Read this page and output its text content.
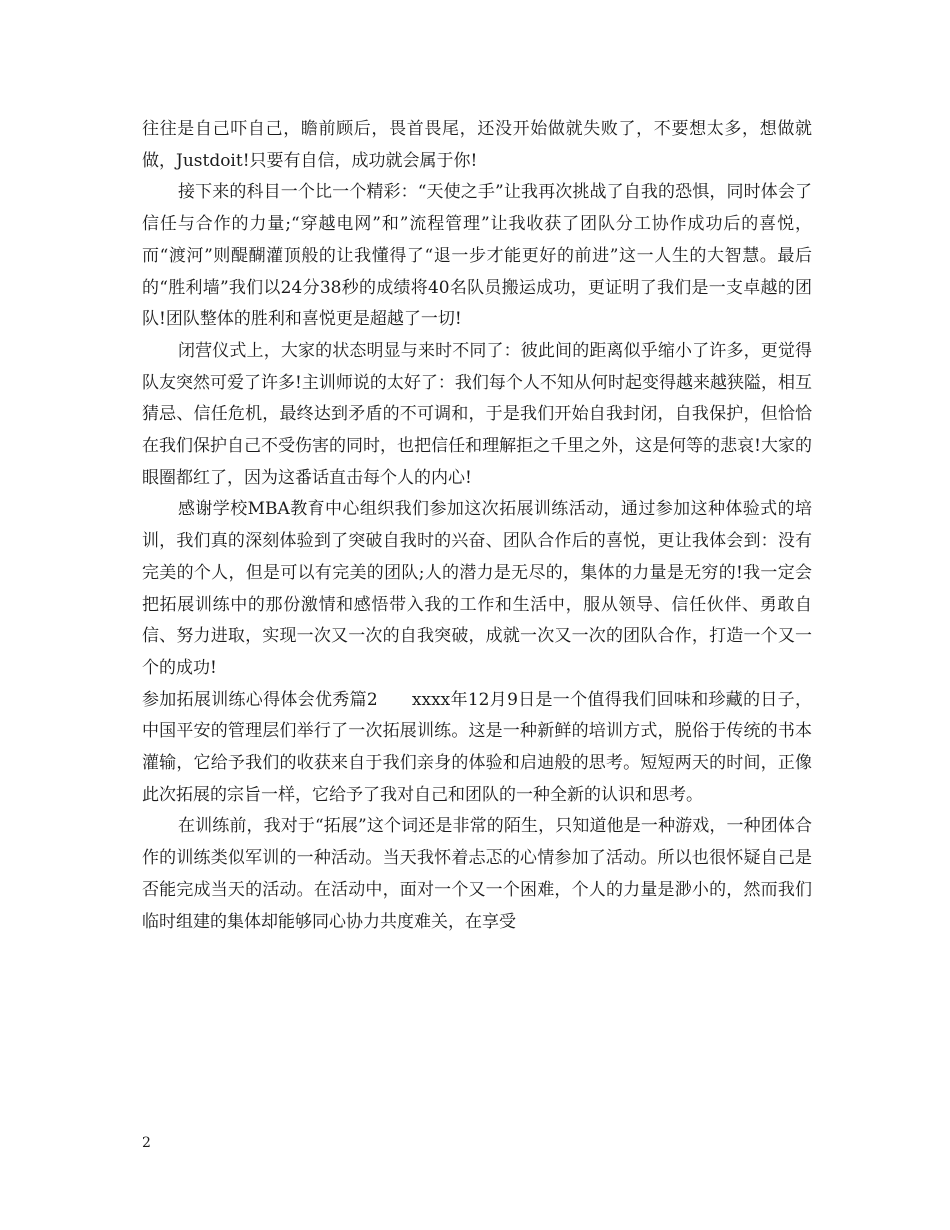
往往是自己吓自己，瞻前顾后，畏首畏尾，还没开始做就失败了，不要想太多，想做就做，Justdoit!只要有自信，成功就会属于你!

接下来的科目一个比一个精彩：“天使之手”让我再次挑战了自我的恐惧，同时体会了信任与合作的力量;“穿越电网”和”流程管理”让我收获了团队分工协作成功后的喜悦，而“渡河”则醍醐灌顶般的让我懂得了“退一步才能更好的前进”这一人生的大智慧。最后的“胜利墙”我们以24分38秒的成绩将40名队员搬运成功，更证明了我们是一支卓越的团队!团队整体的胜利和喜悦更是超越了一切!

闭营仪式上，大家的状态明显与来时不同了：彼此间的距离似乎缩小了许多，更觉得队友突然可爱了许多!主训师说的太好了：我们每个人不知从何时起变得越来越狭隘，相互猜忌、信任危机，最终达到矛盾的不可调和，于是我们开始自我封闭，自我保护，但恰恰在我们保护自己不受伤害的同时，也把信任和理解拒之千里之外，这是何等的悲哀!大家的眼圈都红了，因为这番话直击每个人的内心!

感谢学校MBA教育中心组织我们参加这次拓展训练活动，通过参加这种体验式的培训，我们真的深刻体验到了突破自我时的兴奋、团队合作后的喜悦，更让我体会到：没有完美的个人，但是可以有完美的团队;人的潜力是无尽的，集体的力量是无穷的!我一定会把拓展训练中的那份激情和感悟带入我的工作和生活中，服从领导、信任伙伴、勇敢自信、努力进取，实现一次又一次的自我突破，成就一次又一次的团队合作，打造一个又一个的成功!

参加拓展训练心得体会优秀篇2 xxxx年12月9日是一个值得我们回味和珍藏的日子，中国平安的管理层们举行了一次拓展训练。这是一种新鲜的培训方式，脱俗于传统的书本灌输，它给予我们的收获来自于我们亲身的体验和启迪般的思考。短短两天的时间，正像此次拓展的宗旨一样，它给予了我对自己和团队的一种全新的认识和思考。

在训练前，我对于“拓展”这个词还是非常的陌生，只知道他是一种游戏，一种团体合作的训练类似军训的一种活动。当天我怀着忐忑的心情参加了活动。所以也很怀疑自己是否能完成当天的活动。在活动中，面对一个又一个困难，个人的力量是渺小的，然而我们临时组建的集体却能够同心协力共度难关，在享受

2
